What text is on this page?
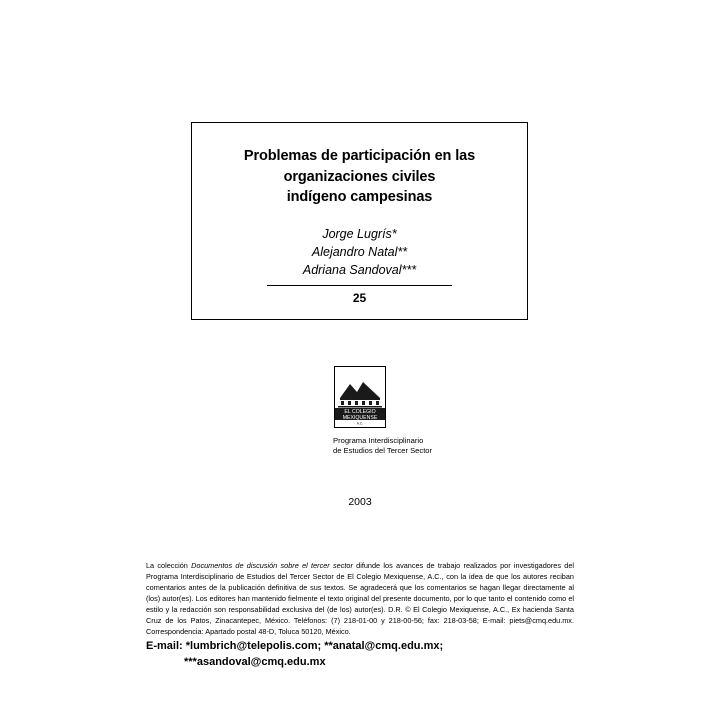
Problemas de participación en las
organizaciones civiles
indígeno campesinas
Jorge Lugrís*
Alejandro Natal**
Adriana Sandoval***
25
EL COLEGIO
MEXIQUENSE
A.C.
Programa Interdisciplinario
de Estudios del Tercer Sector
2003
La colección Documentos de discusión sobre el tercer sector difunde los avances de trabajo realizados por investigadores del Programa Interdisciplinario de Estudios del Tercer Sector de El Colegio Mexiquense, A.C., con la idea de que los autores reciban comentarios antes de la publicación definitiva de sus textos. Se agradecerá que los comentarios se hagan llegar directamente al (los) autor(es). Los editores han mantenido fielmente el texto original del presente documento, por lo que tanto el contenido como el estilo y la redacción son responsabilidad exclusiva del (de los) autor(es). D.R. © El Colegio Mexiquense, A.C., Ex hacienda Santa Cruz de los Patos, Zinacantepec, México. Teléfonos: (7) 218-01-00 y 218-00-56; fax: 218-03-58; E-mail: piets@cmq.edu.mx. Correspondencia: Apartado postal 48-D, Toluca 50120, México.
E-mail: *lumbrich@telepolis.com; **anatal@cmq.edu.mx;
***asandoval@cmq.edu.mx
